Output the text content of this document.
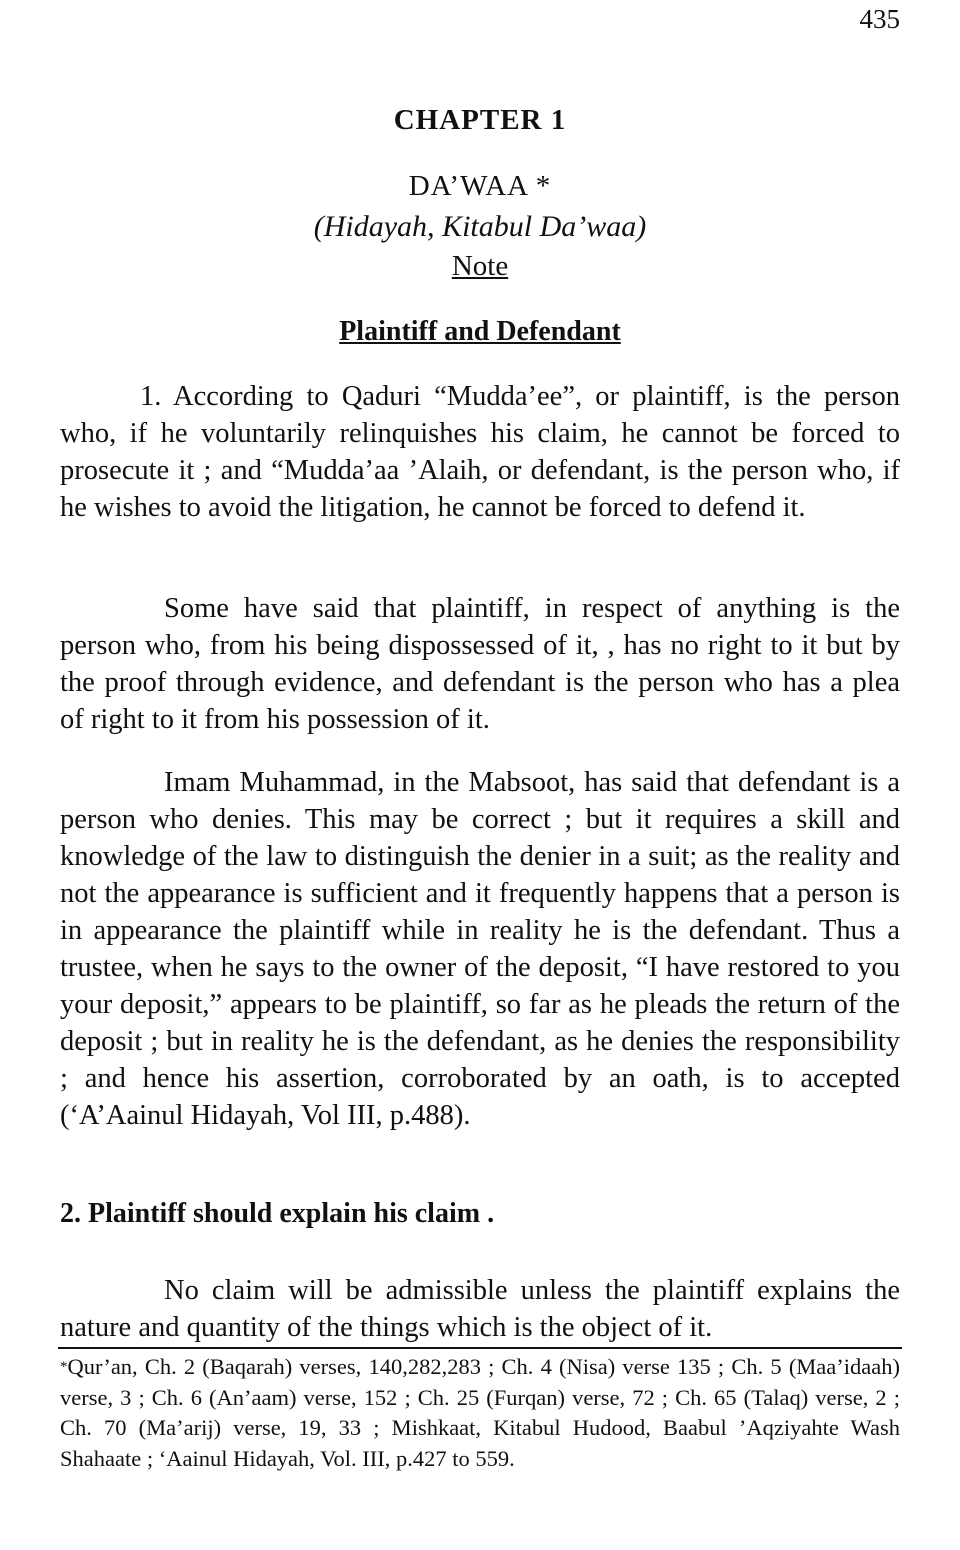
435
CHAPTER 1
DA’WAA *
(Hidayah, Kitabul Da’waa)
Note
Plaintiff and Defendant

1. According to Qaduri “Mudda’ee”, or plaintiff, is the person who, if he voluntarily relinquishes his claim, he cannot be forced to prosecute it ; and “Mudda’aa ’Alaih, or defendant, is the person who, if he wishes to avoid the litigation, he cannot be forced to defend it.

Some have said that plaintiff, in respect of anything is the person who, from his being dispossessed of it, , has no right to it but by the proof through evidence, and defendant is the person who has a plea of right to it from his possession of it.

Imam Muhammad, in the Mabsoot, has said that defendant is a person who denies. This may be correct ; but it requires a skill and knowledge of the law to distinguish the denier in a suit; as the reality and not the appearance is sufficient and it frequently happens that a person is in appearance the plaintiff while in reality he is the defendant. Thus a trustee, when he says to the owner of the deposit, “I have restored to you your deposit,” appears to be plaintiff, so far as he pleads the return of the deposit ; but in reality he is the defendant, as he denies the responsibility ; and hence his assertion, corroborated by an oath, is to accepted (‘A’Aainul Hidayah, Vol III, p.488).

2. Plaintiff should explain his claim .

No claim will be admissible unless the plaintiff explains the nature and quantity of the things which is the object of it.

*Qur’an, Ch. 2 (Baqarah) verses, 140,282,283 ; Ch. 4 (Nisa) verse 135 ; Ch. 5 (Maa’idaah) verse, 3 ; Ch. 6 (An’aam) verse, 152 ; Ch. 25 (Furqan) verse, 72 ; Ch. 65 (Talaq) verse, 2 ; Ch. 70 (Ma’arij) verse, 19, 33 ; Mishkaat, Kitabul Hudood, Baabul ’Aqziyahte Wash Shahaate ; ‘Aainul Hidayah, Vol. III, p.427 to 559.
